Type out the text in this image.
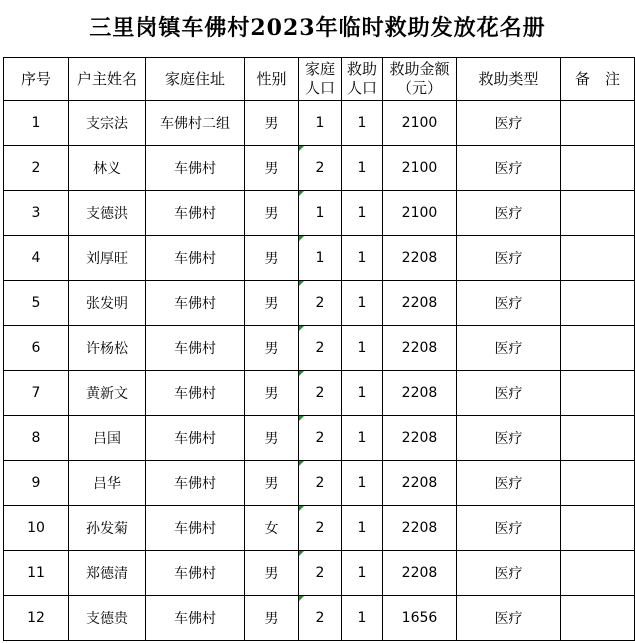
三里岗镇车佛村2023年临时救助发放花名册
序号	户主姓名	家庭住址	性别	家庭人口	救助人口	救助金额（元）	救助类型	备　注
1	支宗法	车佛村二组	男	1	1	2100	医疗	
2	林义	车佛村	男	2	1	2100	医疗	
3	支德洪	车佛村	男	1	1	2100	医疗	
4	刘厚旺	车佛村	男	1	1	2208	医疗	
5	张发明	车佛村	男	2	1	2208	医疗	
6	许杨松	车佛村	男	2	1	2208	医疗	
7	黄新文	车佛村	男	2	1	2208	医疗	
8	吕国	车佛村	男	2	1	2208	医疗	
9	吕华	车佛村	男	2	1	2208	医疗	
10	孙发菊	车佛村	女	2	1	2208	医疗	
11	郑德清	车佛村	男	2	1	2208	医疗	
12	支德贵	车佛村	男	2	1	1656	医疗	
